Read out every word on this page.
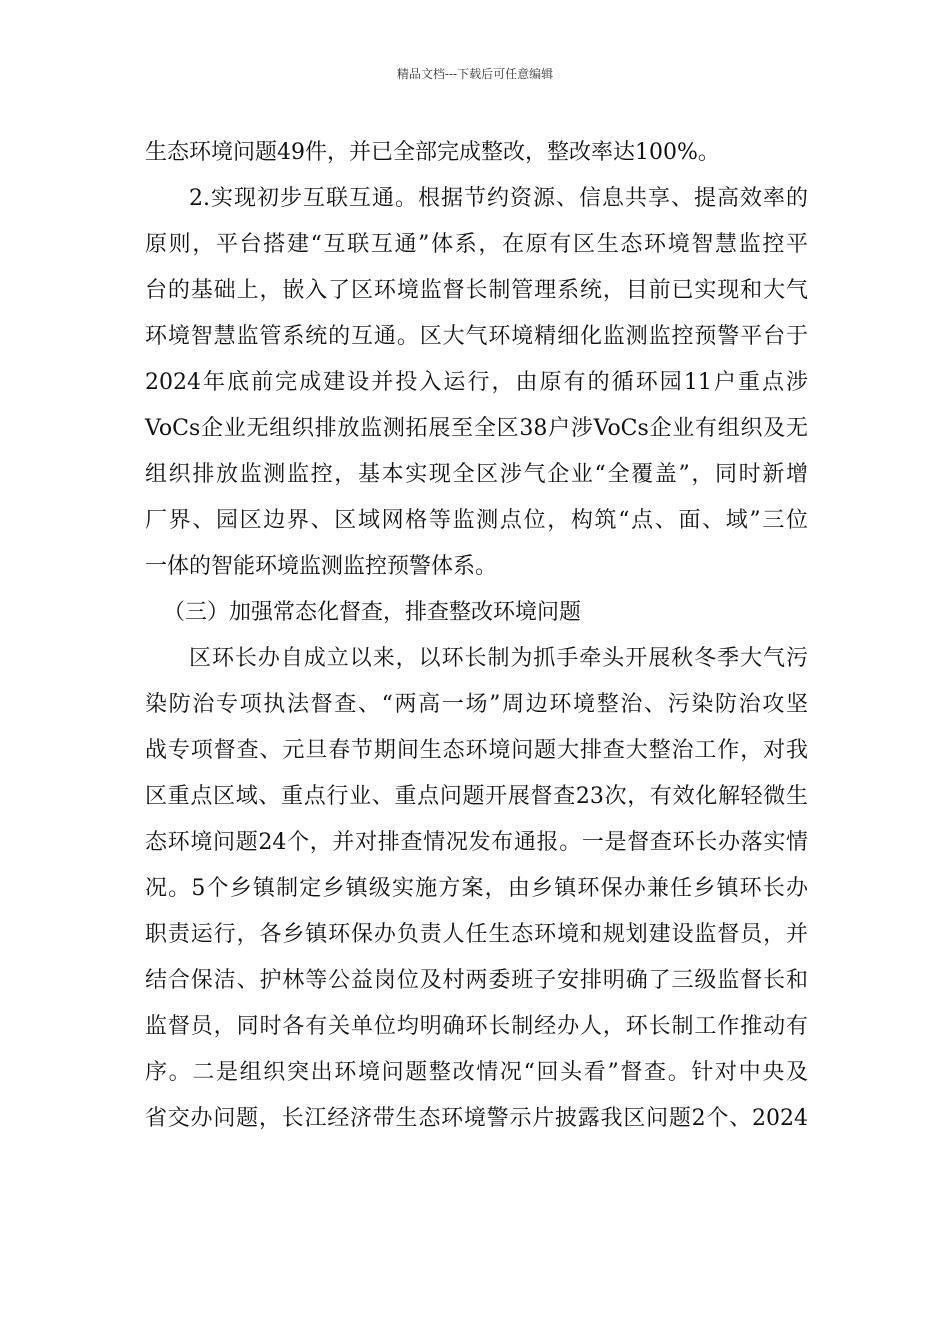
精品文档---下载后可任意编辑
生态环境问题49件，并已全部完成整改，整改率达100%。
2.实现初步互联互通。根据节约资源、信息共享、提高效率的
原则，平台搭建“互联互通”体系，在原有区生态环境智慧监控平
台的基础上，嵌入了区环境监督长制管理系统，目前已实现和大气
环境智慧监管系统的互通。区大气环境精细化监测监控预警平台于
2024年底前完成建设并投入运行，由原有的循环园11户重点涉
VoCs企业无组织排放监测拓展至全区38户涉VoCs企业有组织及无
组织排放监测监控，基本实现全区涉气企业“全覆盖”，同时新增
厂界、园区边界、区域网格等监测点位，构筑“点、面、域”三位
一体的智能环境监测监控预警体系。
（三）加强常态化督查，排查整改环境问题
区环长办自成立以来，以环长制为抓手牵头开展秋冬季大气污
染防治专项执法督查、“两高一场”周边环境整治、污染防治攻坚
战专项督查、元旦春节期间生态环境问题大排查大整治工作，对我
区重点区域、重点行业、重点问题开展督查23次，有效化解轻微生
态环境问题24个，并对排查情况发布通报。一是督查环长办落实情
况。5个乡镇制定乡镇级实施方案，由乡镇环保办兼任乡镇环长办
职责运行，各乡镇环保办负责人任生态环境和规划建设监督员，并
结合保洁、护林等公益岗位及村两委班子安排明确了三级监督长和
监督员，同时各有关单位均明确环长制经办人，环长制工作推动有
序。二是组织突出环境问题整改情况“回头看”督查。针对中央及
省交办问题，长江经济带生态环境警示片披露我区问题2个、2024
